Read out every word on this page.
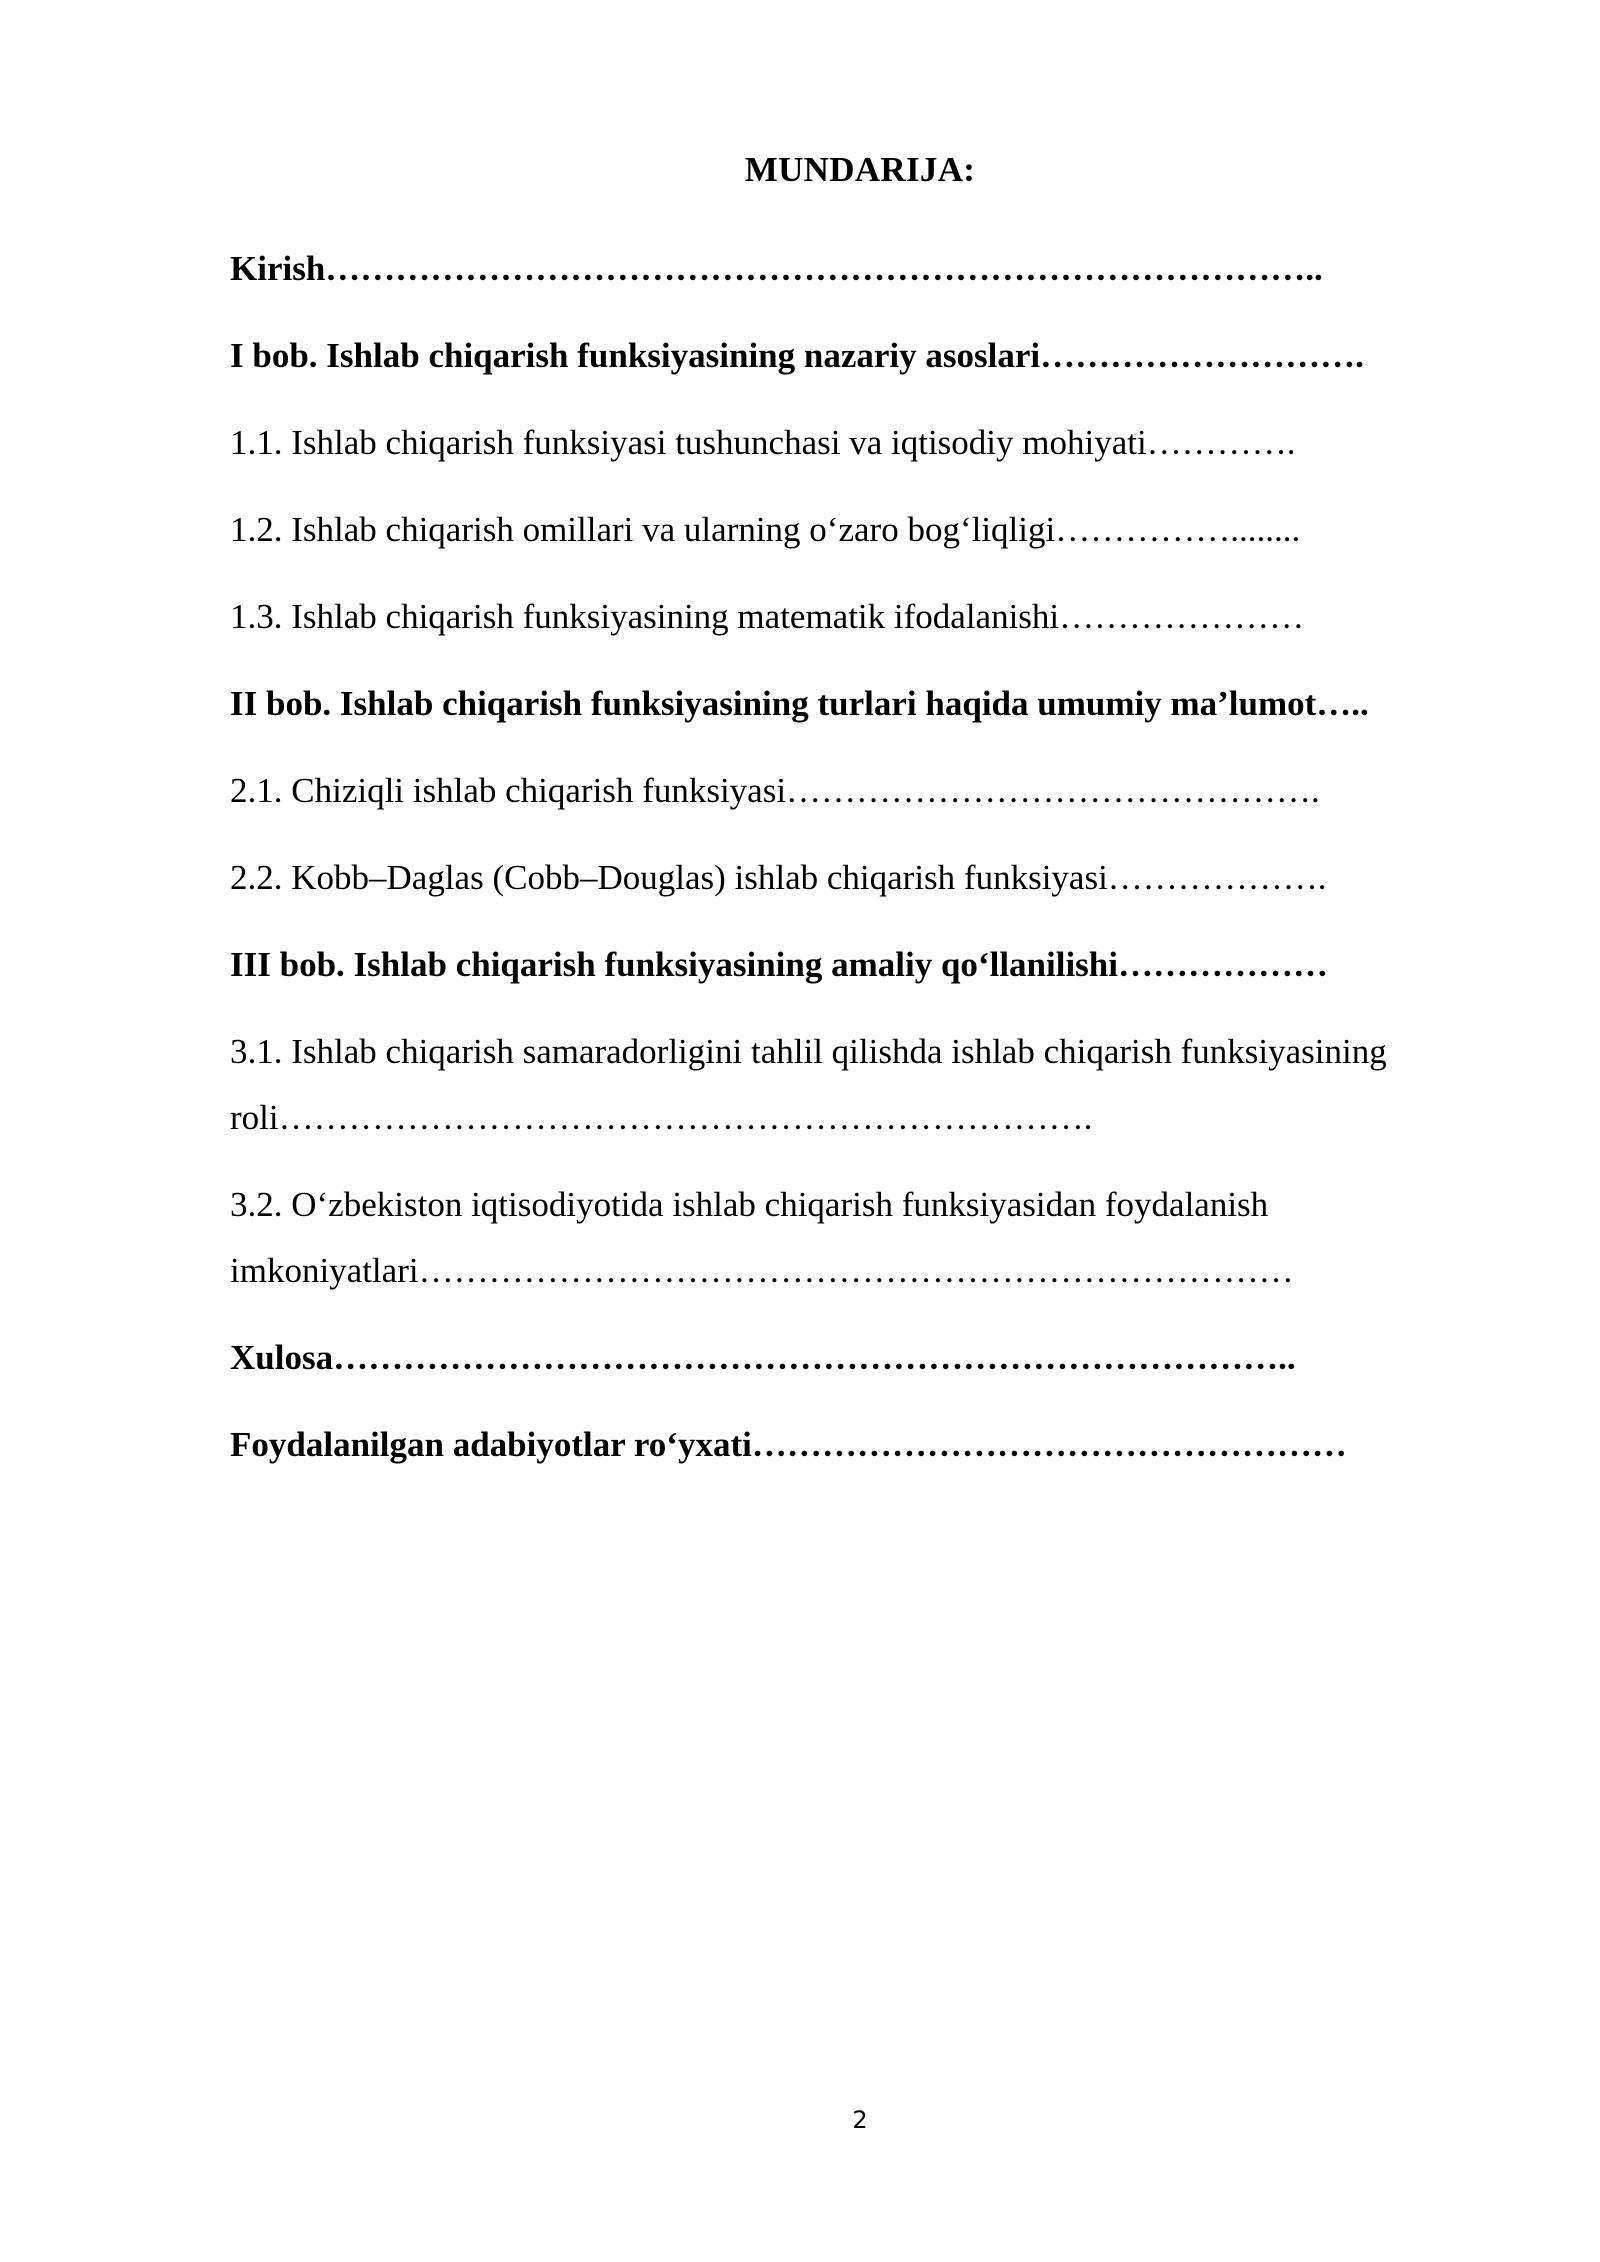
MUNDARIJA:
Kirish…………………………………………………………………………..
I bob. Ishlab chiqarish funksiyasining nazariy asoslari……………………….
1.1. Ishlab chiqarish funksiyasi tushunchasi va iqtisodiy mohiyati………….
1.2. Ishlab chiqarish omillari va ularning o‘zaro bog‘liqligi……………........
1.3. Ishlab chiqarish funksiyasining matematik ifodalanishi…………………
II bob. Ishlab chiqarish funksiyasining turlari haqida umumiy ma’lumot…..
2.1. Chiziqli ishlab chiqarish funksiyasi……………………………………….
2.2. Kobb–Daglas (Cobb–Douglas) ishlab chiqarish funksiyasi……………….
III bob. Ishlab chiqarish funksiyasining amaliy qo‘llanilishi………………
3.1. Ishlab chiqarish samaradorligini tahlil qilishda ishlab chiqarish funksiyasining roli…………………………………………………………….
3.2. O‘zbekiston iqtisodiyotida ishlab chiqarish funksiyasidan foydalanish imkoniyatlari…………………………………………………………………
Xulosa………………………………………………………………………..
Foydalanilgan adabiyotlar ro‘yxati……………………………………………
2
